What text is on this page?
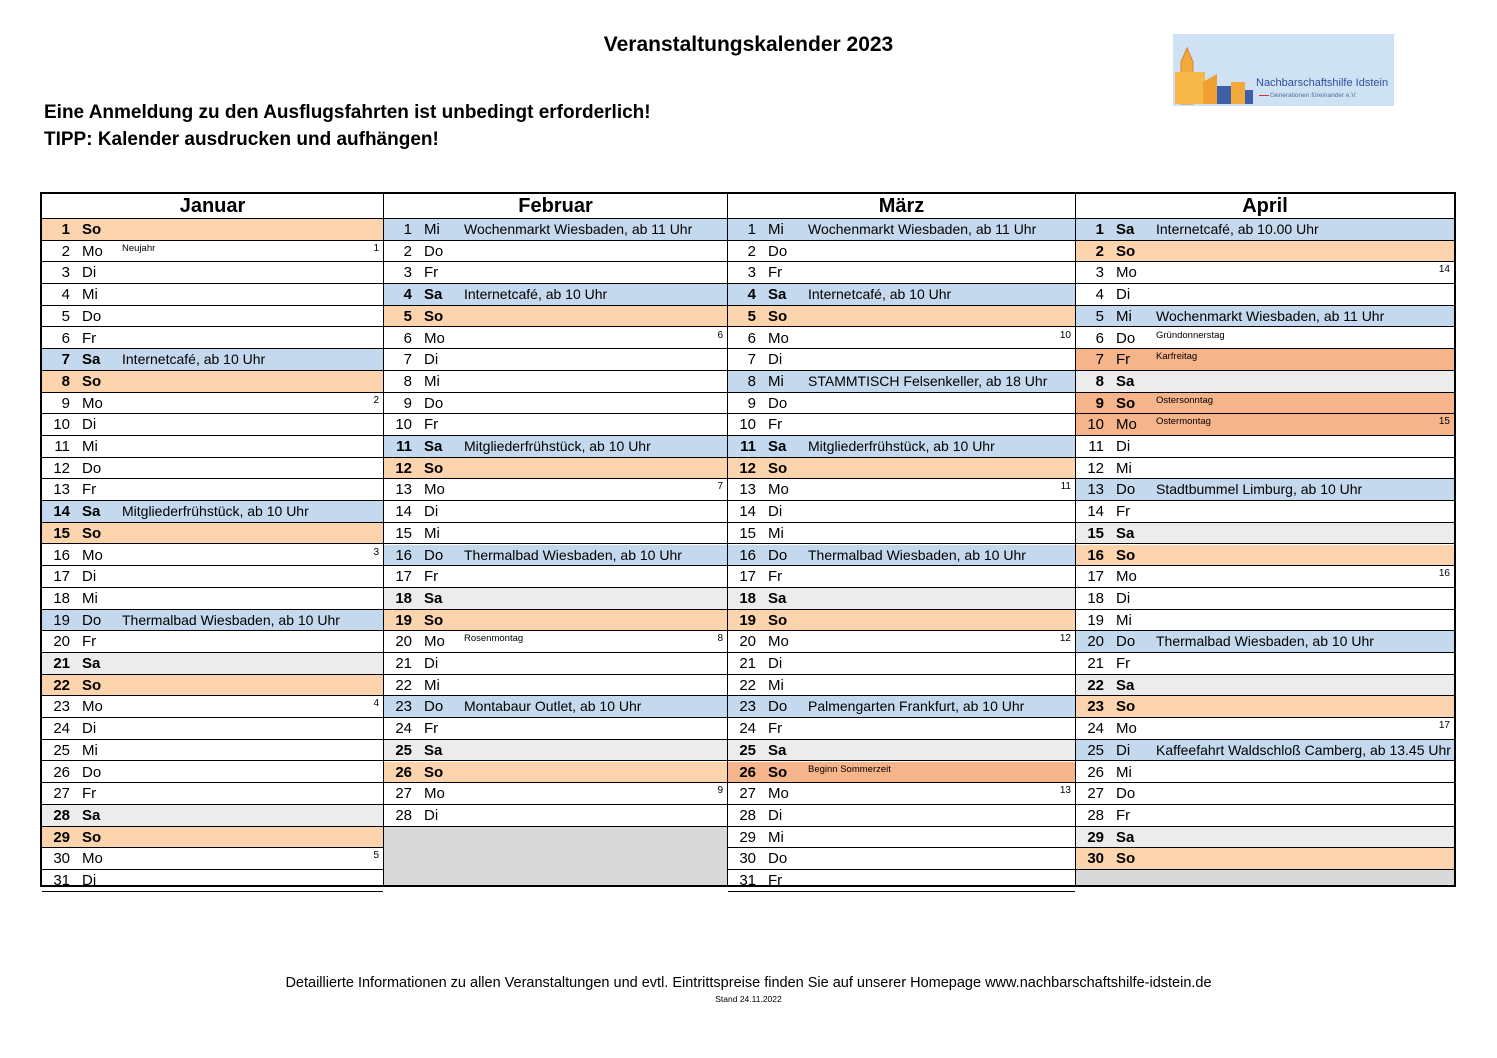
Veranstaltungskalender 2023
Eine Anmeldung zu den Ausflugsfahrten ist unbedingt erforderlich!
TIPP: Kalender ausdrucken und aufhängen!
Nachbarschaftshilfe Idstein
Generationen füreinander e.V.
Januar
1 So
2 Mo Neujahr	1
3 Di
4 Mi
5 Do
6 Fr
7 Sa Internetcafé, ab 10 Uhr
8 So
9 Mo	2
10 Di
11 Mi
12 Do
13 Fr
14 Sa Mitgliederfrühstück, ab 10 Uhr
15 So
16 Mo	3
17 Di
18 Mi
19 Do Thermalbad Wiesbaden, ab 10 Uhr
20 Fr
21 Sa
22 So
23 Mo	4
24 Di
25 Mi
26 Do
27 Fr
28 Sa
29 So
30 Mo	5
31 Di
Februar
1 Mi Wochenmarkt Wiesbaden, ab 11 Uhr
2 Do
3 Fr
4 Sa Internetcafé, ab 10 Uhr
5 So
6 Mo	6
7 Di
8 Mi
9 Do
10 Fr
11 Sa Mitgliederfrühstück, ab 10 Uhr
12 So
13 Mo	7
14 Di
15 Mi
16 Do Thermalbad Wiesbaden, ab 10 Uhr
17 Fr
18 Sa
19 So
20 Mo Rosenmontag	8
21 Di
22 Mi
23 Do Montabaur Outlet, ab 10 Uhr
24 Fr
25 Sa
26 So
27 Mo	9
28 Di
März
1 Mi Wochenmarkt Wiesbaden, ab 11 Uhr
2 Do
3 Fr
4 Sa Internetcafé, ab 10 Uhr
5 So
6 Mo	10
7 Di
8 Mi STAMMTISCH Felsenkeller, ab 18 Uhr
9 Do
10 Fr
11 Sa Mitgliederfrühstück, ab 10 Uhr
12 So
13 Mo	11
14 Di
15 Mi
16 Do Thermalbad Wiesbaden, ab 10 Uhr
17 Fr
18 Sa
19 So
20 Mo	12
21 Di
22 Mi
23 Do Palmengarten Frankfurt, ab 10 Uhr
24 Fr
25 Sa
26 So Beginn Sommerzeit
27 Mo	13
28 Di
29 Mi
30 Do
31 Fr
April
1 Sa Internetcafé, ab 10.00 Uhr
2 So
3 Mo	14
4 Di
5 Mi Wochenmarkt Wiesbaden, ab 11 Uhr
6 Do Gründonnerstag
7 Fr	Karfreitag
8 Sa
9 So Ostersonntag
10 Mo Ostermontag	15
11 Di
12 Mi
13 Do Stadtbummel Limburg, ab 10 Uhr
14 Fr
15 Sa
16 So
17 Mo	16
18 Di
19 Mi
20 Do Thermalbad Wiesbaden, ab 10 Uhr
21 Fr
22 Sa
23 So
24 Mo	17
25 Di Kaffeefahrt Waldschloß Camberg, ab 13.45 Uhr
26 Mi
27 Do
28 Fr
29 Sa
30 So
Detaillierte Informationen zu allen Veranstaltungen und evtl. Eintrittspreise finden Sie auf unserer Homepage www.nachbarschaftshilfe-idstein.de
Stand 24.11.2022
